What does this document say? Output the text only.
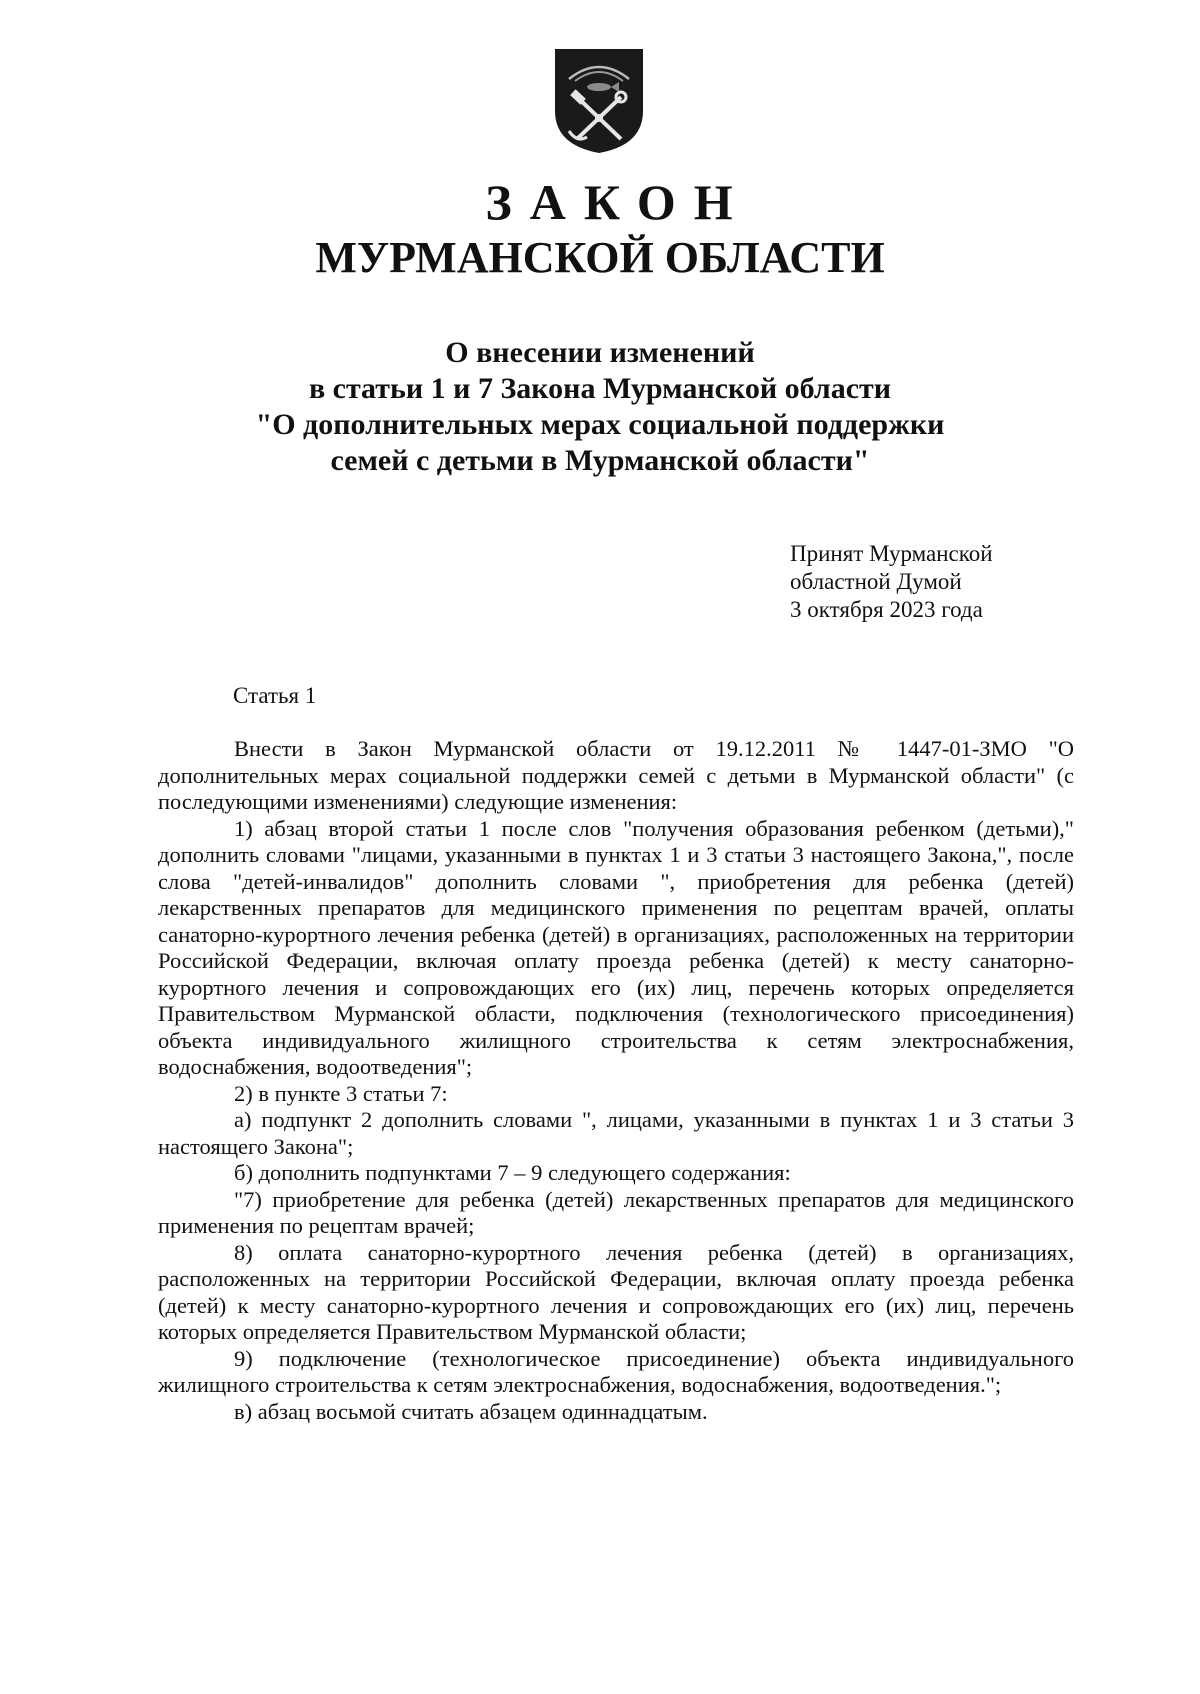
ЗАКОН
МУРМАНСКОЙ ОБЛАСТИ
О внесении изменений
в статьи 1 и 7 Закона Мурманской области
"О дополнительных мерах социальной поддержки
семей с детьми в Мурманской области"
Принят Мурманской
областной Думой
3 октября 2023 года
Статья 1

Внести в Закон Мурманской области от 19.12.2011 № 1447-01-ЗМО "О дополнительных мерах социальной поддержки семей с детьми в Мурманской области" (с последующими изменениями) следующие изменения:

1) абзац второй статьи 1 после слов "получения образования ребенком (детьми)," дополнить словами "лицами, указанными в пунктах 1 и 3 статьи 3 настоящего Закона,", после слова "детей-инвалидов" дополнить словами ", приобретения для ребенка (детей) лекарственных препаратов для медицинского применения по рецептам врачей, оплаты санаторно-курортного лечения ребенка (детей) в организациях, расположенных на территории Российской Федерации, включая оплату проезда ребенка (детей) к месту санаторно-курортного лечения и сопровождающих его (их) лиц, перечень которых определяется Правительством Мурманской области, подключения (технологического присоединения) объекта индивидуального жилищного строительства к сетям электроснабжения, водоснабжения, водоотведения";

2) в пункте 3 статьи 7:

а) подпункт 2 дополнить словами ", лицами, указанными в пунктах 1 и 3 статьи 3 настоящего Закона";

б) дополнить подпунктами 7 – 9 следующего содержания:

"7) приобретение для ребенка (детей) лекарственных препаратов для медицинского применения по рецептам врачей;

8) оплата санаторно-курортного лечения ребенка (детей) в организациях, расположенных на территории Российской Федерации, включая оплату проезда ребенка (детей) к месту санаторно-курортного лечения и сопровождающих его (их) лиц, перечень которых определяется Правительством Мурманской области;

9) подключение (технологическое присоединение) объекта индивидуального жилищного строительства к сетям электроснабжения, водоснабжения, водоотведения.";

в) абзац восьмой считать абзацем одиннадцатым.
